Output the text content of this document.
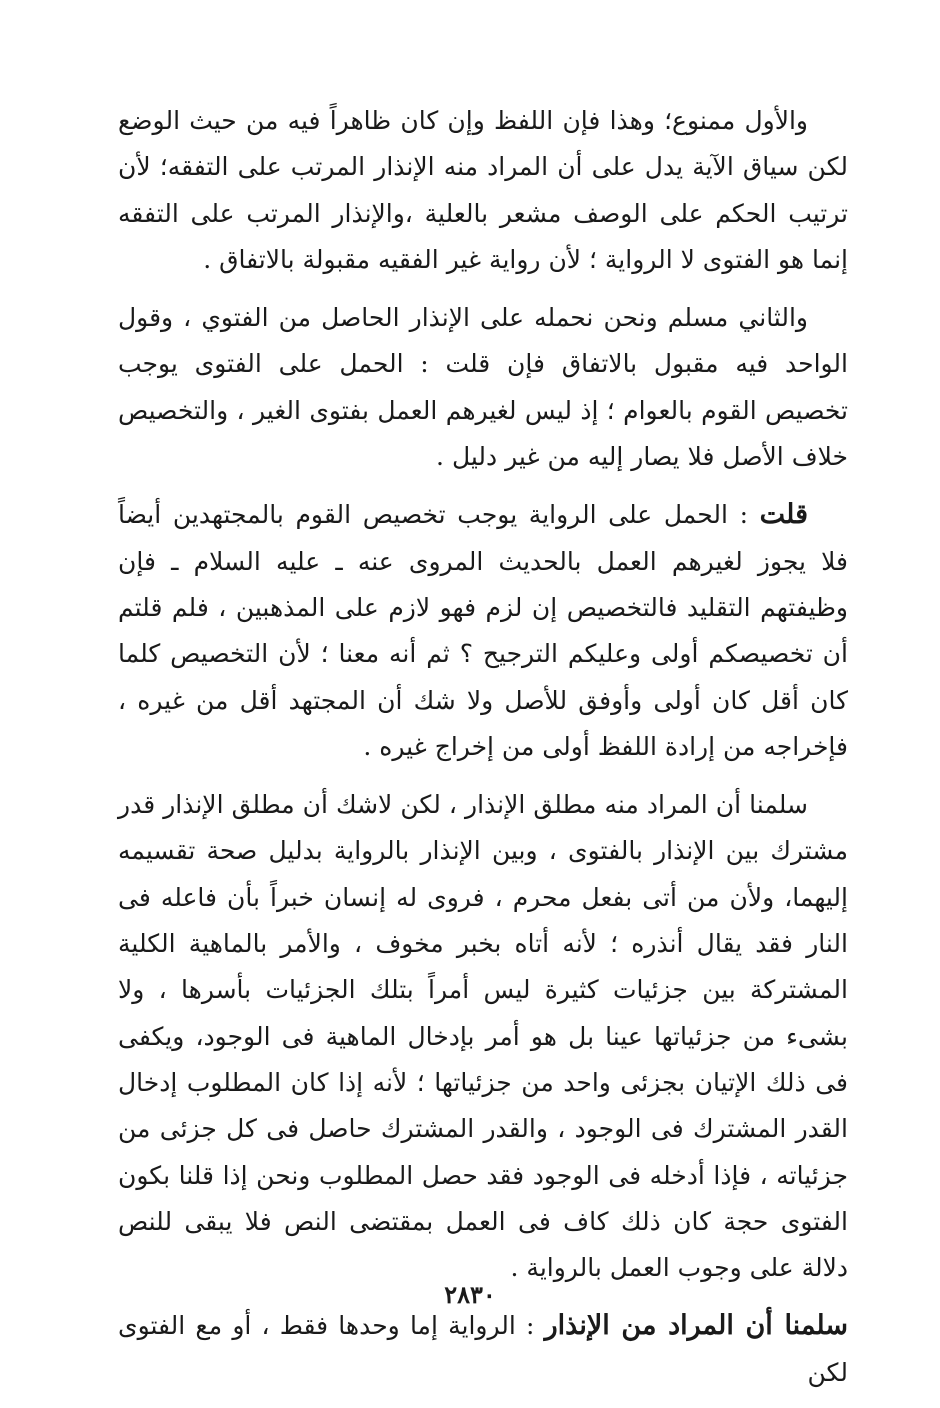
والأول ممنوع؛ وهذا فإن اللفظ وإن كان ظاهراً فيه من حيث الوضع لكن سياق الآية يدل على أن المراد منه الإنذار المرتب على التفقه؛ لأن ترتيب الحكم على الوصف مشعر بالعلية ،والإنذار المرتب على التفقه إنما هو الفتوى لا الرواية ؛ لأن رواية غير الفقيه مقبولة بالاتفاق .

والثاني مسلم ونحن نحمله على الإنذار الحاصل من الفتوي ، وقول الواحد فيه مقبول بالاتفاق فإن قلت : الحمل على الفتوى يوجب تخصيص القوم بالعوام ؛ إذ ليس لغيرهم العمل بفتوى الغير ، والتخصيص خلاف الأصل فلا يصار إليه من غير دليل .

قلت : الحمل على الرواية يوجب تخصيص القوم بالمجتهدين أيضاً فلا يجوز لغيرهم العمل بالحديث المروى عنه ـ عليه السلام ـ فإن وظيفتهم التقليد فالتخصيص إن لزم فهو لازم على المذهبين ، فلم قلتم أن تخصيصكم أولى وعليكم الترجيح ؟ ثم أنه معنا ؛ لأن التخصيص كلما كان أقل كان أولى وأوفق للأصل ولا شك أن المجتهد أقل من غيره ، فإخراجه من إرادة اللفظ أولى من إخراج غيره .

سلمنا أن المراد منه مطلق الإنذار ، لكن لاشك أن مطلق الإنذار قدر مشترك بين الإنذار بالفتوى ، وبين الإنذار بالرواية بدليل صحة تقسيمه إليهما، ولأن من أتى بفعل محرم ، فروى له إنسان خبراً بأن فاعله فى النار فقد يقال أنذره ؛ لأنه أتاه بخبر مخوف ، والأمر بالماهية الكلية المشتركة بين جزئيات كثيرة ليس أمراً بتلك الجزئيات بأسرها ، ولا بشىء من جزئياتها عينا بل هو أمر بإدخال الماهية فى الوجود، ويكفى فى ذلك الإتيان بجزئى واحد من جزئياتها ؛ لأنه إذا كان المطلوب إدخال القدر المشترك فى الوجود ، والقدر المشترك حاصل فى كل جزئى من جزئياته ، فإذا أدخله فى الوجود فقد حصل المطلوب ونحن إذا قلنا بكون الفتوى حجة كان ذلك كاف فى العمل بمقتضى النص فلا يبقى للنص دلالة على وجوب العمل بالرواية .

سلمنا أن المراد من الإنذار : الرواية إما وحدها فقط ، أو مع الفتوى لكن

٢٨٣٠
